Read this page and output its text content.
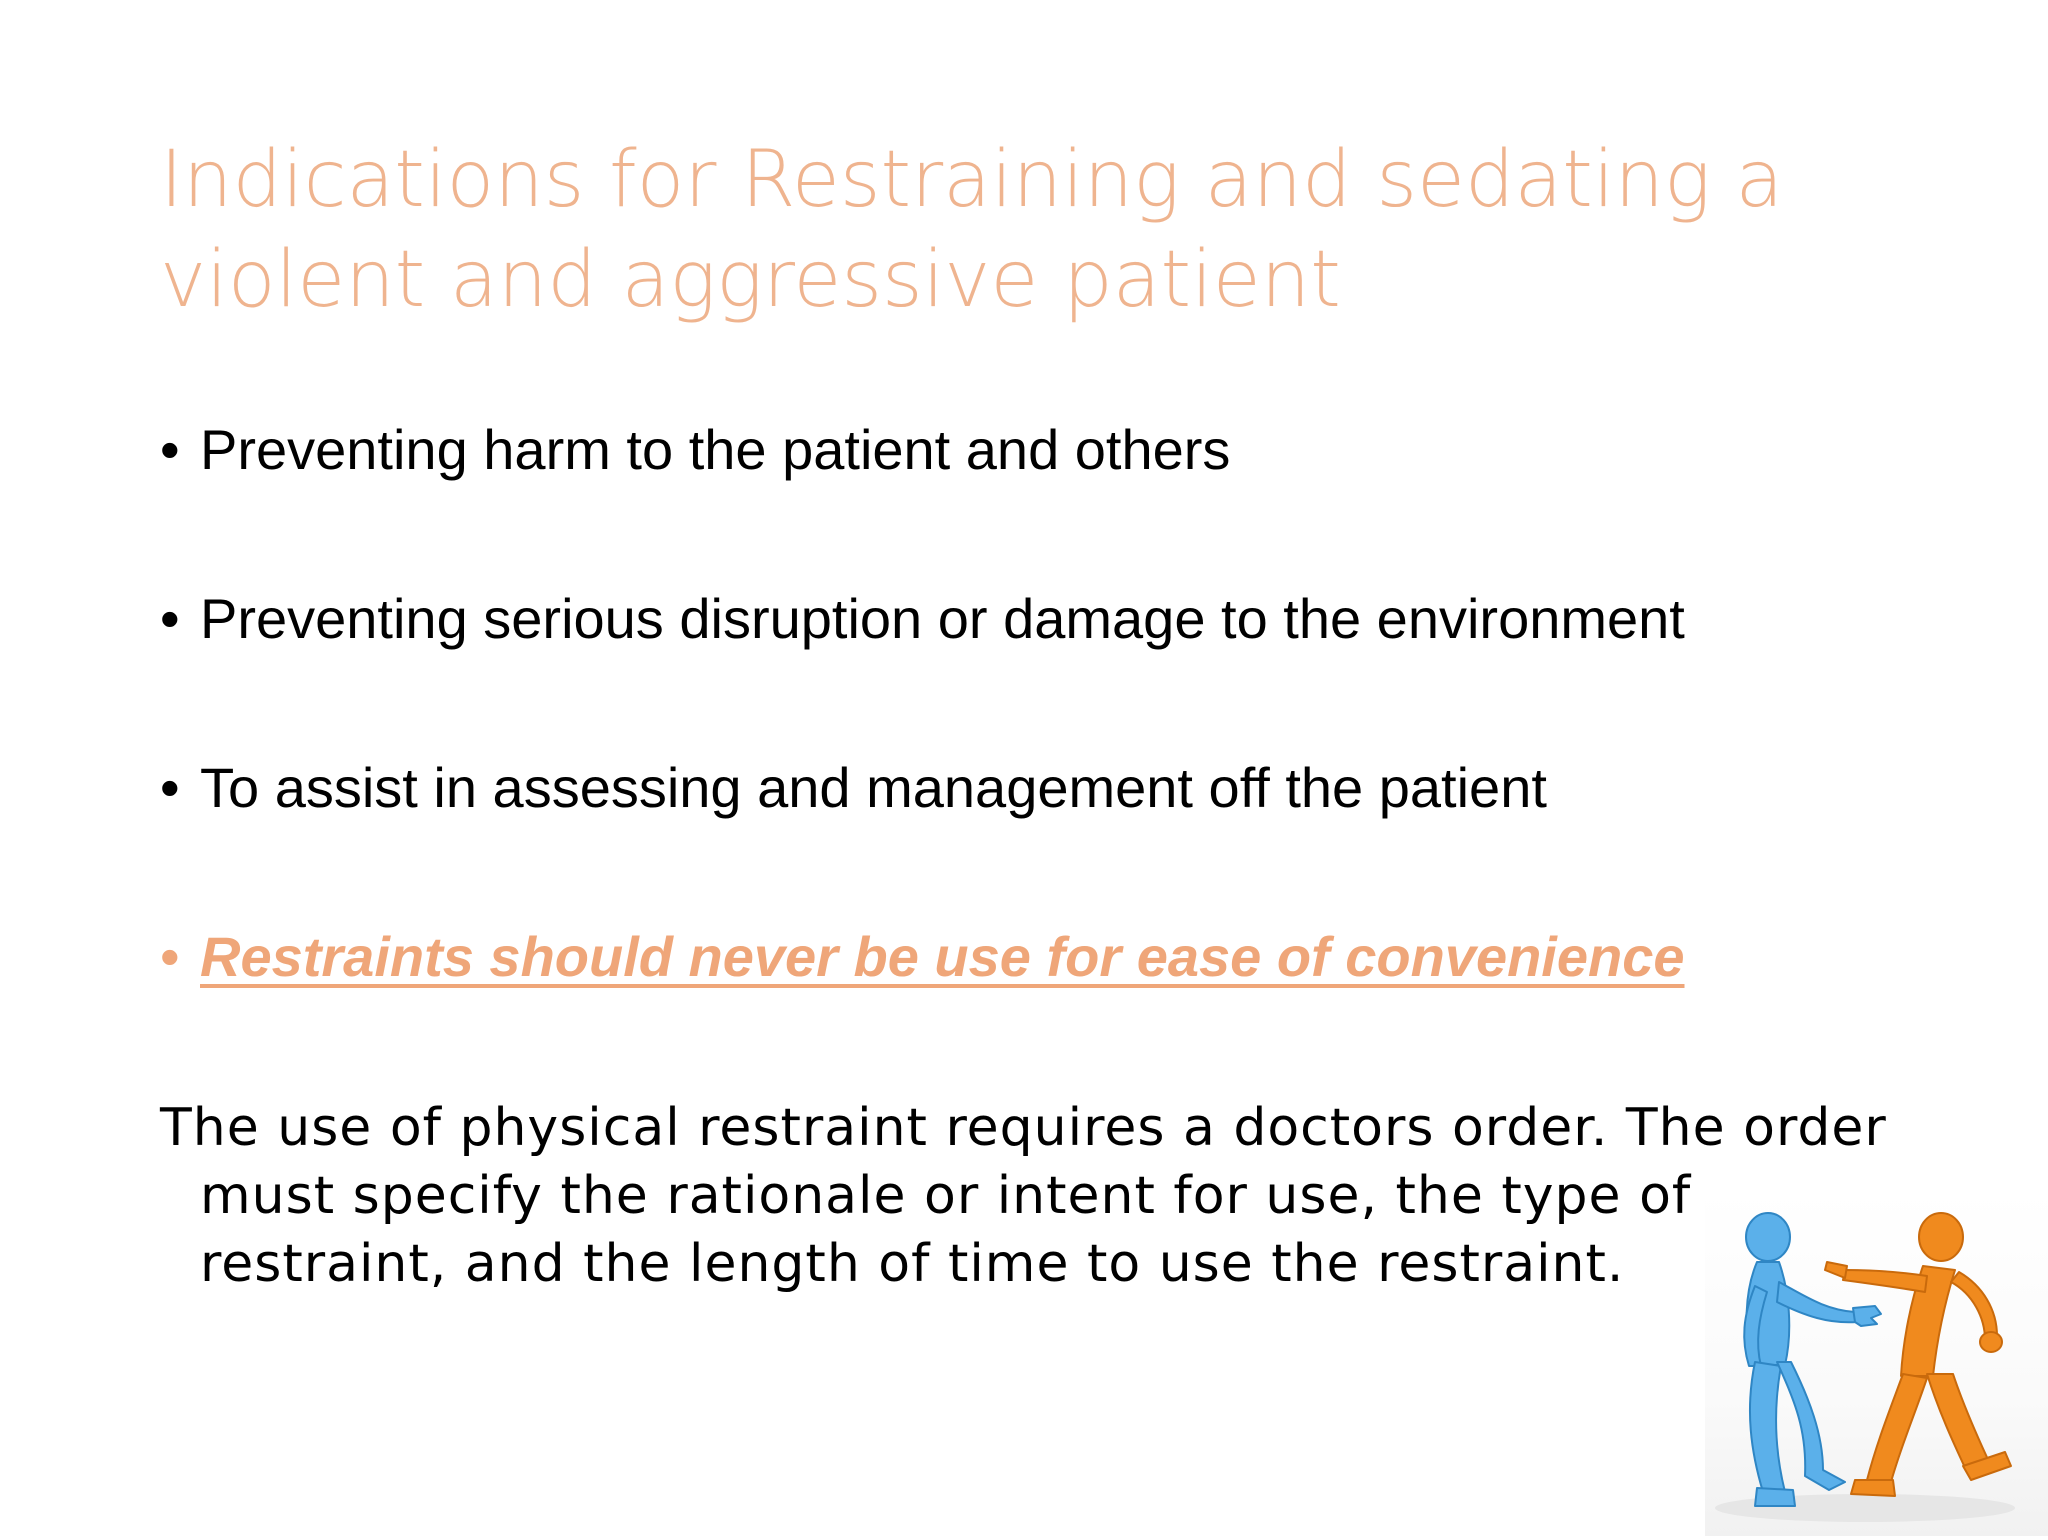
Indications for Restraining and sedating a
violent and aggressive patient
• Preventing harm to the patient and others
• Preventing serious disruption or damage to the environment
• To assist in assessing and management off the patient
• Restraints should never be use for ease of convenience

The use of physical restraint requires a doctors order. The order
must specify the rationale or intent for use, the type of
restraint, and the length of time to use the restraint.
